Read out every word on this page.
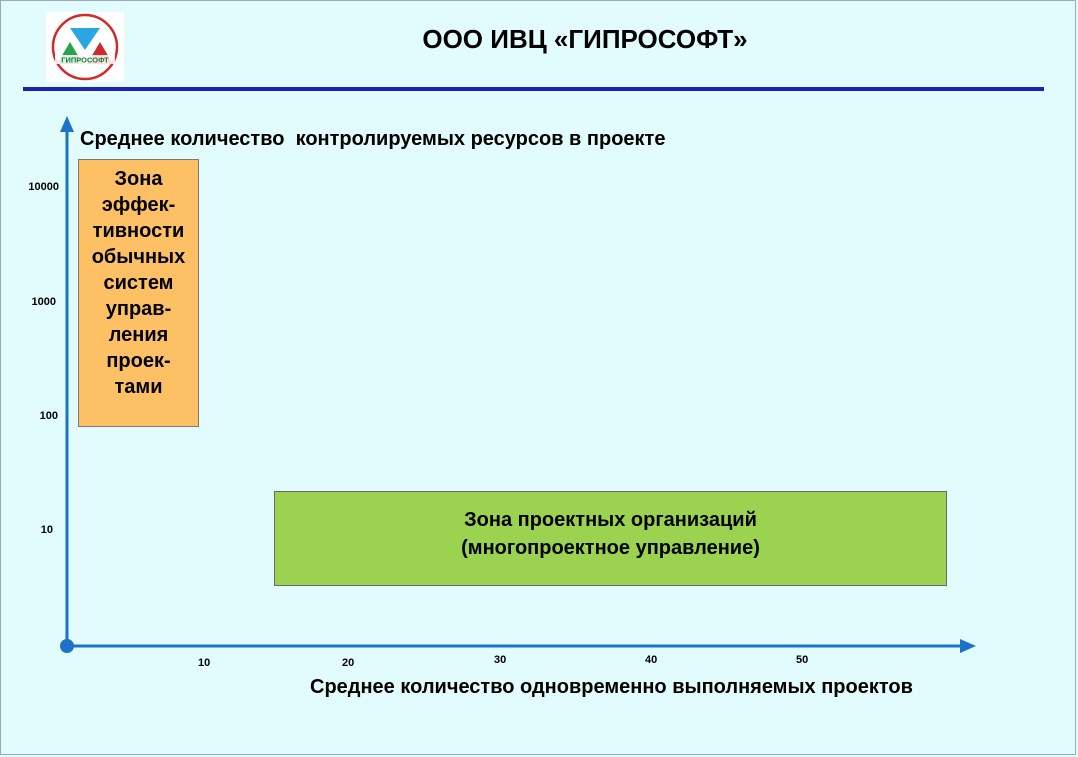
ГИПРОСОФТ
ООО ИВЦ «ГИПРОСОФТ»
Среднее количество  контролируемых ресурсов в проекте
10000
1000
100
10
10	20	30	40	50
Зона
эффек-
тивности
обычных
систем
управ-
ления
проек-
тами
Зона проектных организаций
(многопроектное управление)
Среднее количество одновременно выполняемых проектов
